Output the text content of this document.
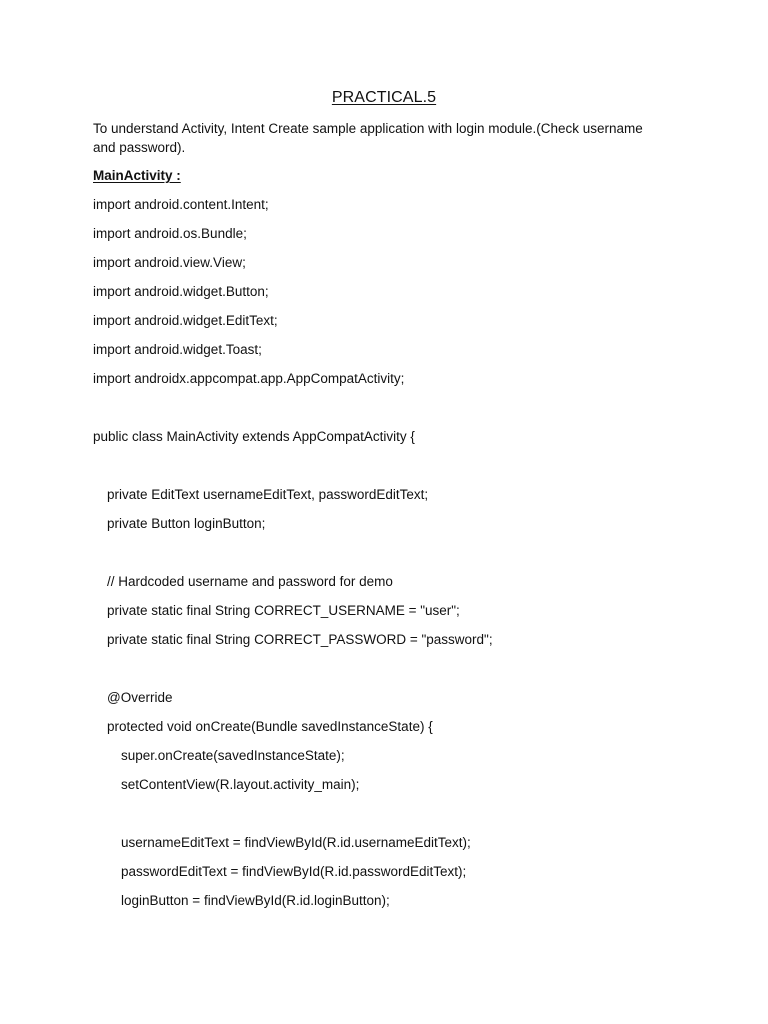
PRACTICAL.5
To understand Activity, Intent Create sample application with login module.(Check username and password).
MainActivity :
import android.content.Intent;
import android.os.Bundle;
import android.view.View;
import android.widget.Button;
import android.widget.EditText;
import android.widget.Toast;
import androidx.appcompat.app.AppCompatActivity;
public class MainActivity extends AppCompatActivity {
private EditText usernameEditText, passwordEditText;
private Button loginButton;
// Hardcoded username and password for demo
private static final String CORRECT_USERNAME = "user";
private static final String CORRECT_PASSWORD = "password";
@Override
protected void onCreate(Bundle savedInstanceState) {
super.onCreate(savedInstanceState);
setContentView(R.layout.activity_main);
usernameEditText = findViewById(R.id.usernameEditText);
passwordEditText = findViewById(R.id.passwordEditText);
loginButton = findViewById(R.id.loginButton);
